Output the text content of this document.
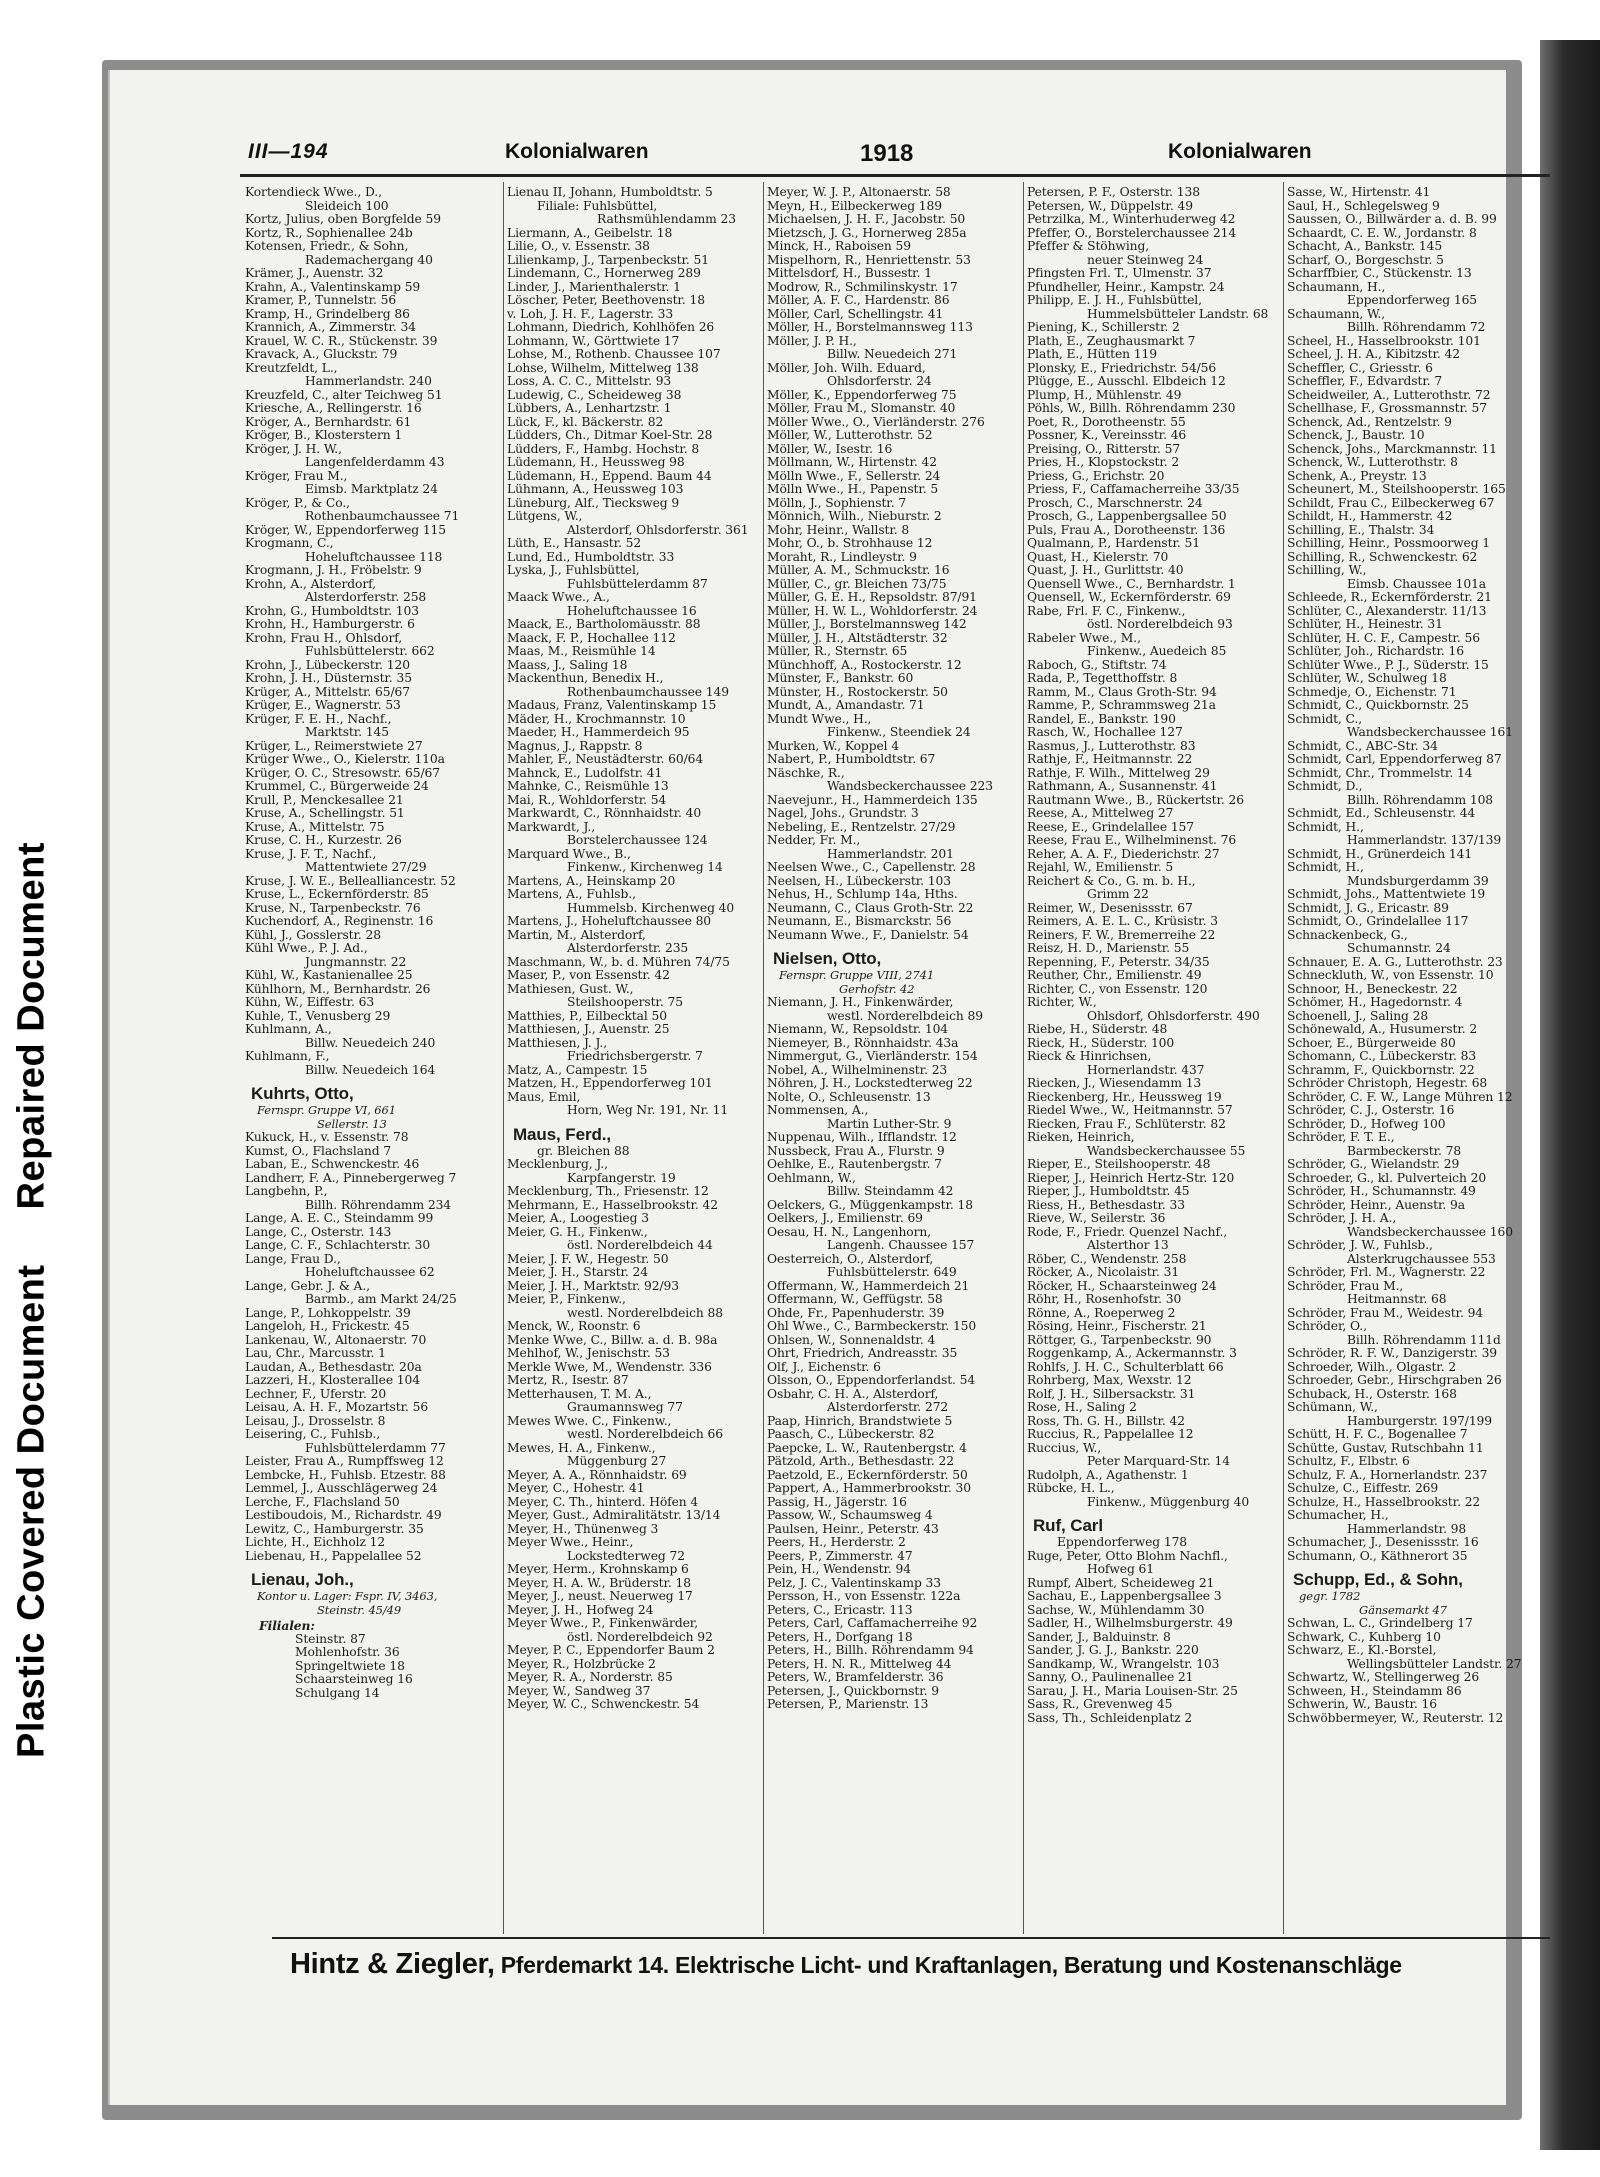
Plastic Covered Document Repaired Document
III—194	Kolonialwaren	1918	Kolonialwaren
Kortendieck Wwe., D.,
Sleideich 100
Kortz, Julius, oben Borgfelde 59
Kortz, R., Sophienallee 24b
Kotensen, Friedr., & Sohn,
Rademachergang 40
Krämer, J., Auenstr. 32
Krahn, A., Valentinskamp 59
Kramer, P., Tunnelstr. 56
Kramp, H., Grindelberg 86
Krannich, A., Zimmerstr. 34
Krauel, W. C. R., Stückenstr. 39
Kravack, A., Gluckstr. 79
Kreutzfeldt, L.,
Hammerlandstr. 240
Kreuzfeld, C., alter Teichweg 51
Kriesche, A., Rellingerstr. 16
Kröger, A., Bernhardstr. 61
Kröger, B., Klosterstern 1
Kröger, J. H. W.,
Langenfelderdamm 43
Kröger, Frau M.,
Eimsb. Marktplatz 24
Kröger, P., & Co.,
Rothenbaumchaussee 71
Kröger, W., Eppendorferweg 115
Krogmann, C.,
Hoheluftchaussee 118
Krogmann, J. H., Fröbelstr. 9
Krohn, A., Alsterdorf,
Alsterdorferstr. 258
Krohn, G., Humboldtstr. 103
Krohn, H., Hamburgerstr. 6
Krohn, Frau H., Ohlsdorf,
Fuhlsbüttelerstr. 662
Krohn, J., Lübeckerstr. 120
Krohn, J. H., Düsternstr. 35
Krüger, A., Mittelstr. 65/67
Krüger, E., Wagnerstr. 53
Krüger, F. E. H., Nachf.,
Marktstr. 145
Krüger, L., Reimerstwiete 27
Krüger Wwe., O., Kielerstr. 110a
Krüger, O. C., Stresowstr. 65/67
Krummel, C., Bürgerweide 24
Krull, P., Menckesallee 21
Kruse, A., Schellingstr. 51
Kruse, A., Mittelstr. 75
Kruse, C. H., Kurzestr. 26
Kruse, J. F. T., Nachf.,
Mattentwiete 27/29
Kruse, J. W. E., Bellealliancestr. 52
Kruse, L., Eckernförderstr. 85
Kruse, N., Tarpenbeckstr. 76
Kuchendorf, A., Reginenstr. 16
Kühl, J., Gosslerstr. 28
Kühl Wwe., P. J. Ad.,
Jungmannstr. 22
Kühl, W., Kastanienallee 25
Kühlhorn, M., Bernhardstr. 26
Kühn, W., Eiffestr. 63
Kuhle, T., Venusberg 29
Kuhlmann, A.,
Billw. Neuedeich 240
Kuhlmann, F.,
Billw. Neuedeich 164
Kuhrts, Otto,
Fernspr. Gruppe VI, 661
Sellerstr. 13
Kukuck, H., v. Essenstr. 78
Kumst, O., Flachsland 7
Laban, E., Schwenckestr. 46
Landherr, F. A., Pinnebergerweg 7
Langbehn, P.,
Billh. Röhrendamm 234
Lange, A. E. C., Steindamm 99
Lange, C., Osterstr. 143
Lange, C. F., Schlachterstr. 30
Lange, Frau D.,
Hoheluftchaussee 62
Lange, Gebr. J. & A.,
Barmb., am Markt 24/25
Lange, P., Lohkoppelstr. 39
Langeloh, H., Frickestr. 45
Lankenau, W., Altonaerstr. 70
Lau, Chr., Marcusstr. 1
Laudan, A., Bethesdastr. 20a
Lazzeri, H., Klosterallee 104
Lechner, F., Uferstr. 20
Leisau, A. H. F., Mozartstr. 56
Leisau, J., Drosselstr. 8
Leisering, C., Fuhlsb.,
Fuhlsbüttelerdamm 77
Leister, Frau A., Rumpffsweg 12
Lembcke, H., Fuhlsb. Etzestr. 88
Lemmel, J., Ausschlägerweg 24
Lerche, F., Flachsland 50
Lestiboudois, M., Richardstr. 49
Lewitz, C., Hamburgerstr. 35
Lichte, H., Eichholz 12
Liebenau, H., Pappelallee 52
Lienau, Joh.,
Kontor u. Lager: Fspr. IV, 3463,
Steinstr. 45/49
Filialen:
Steinstr. 87
Mohlenhofstr. 36
Springeltwiete 18
Schaarsteinweg 16
Schulgang 14
Lienau II, Johann, Humboldtstr. 5
Filiale: Fuhlsbüttel,
Rathsmühlendamm 23
Liermann, A., Geibelstr. 18
Lilie, O., v. Essenstr. 38
Lilienkamp, J., Tarpenbeckstr. 51
Lindemann, C., Hornerweg 289
Linder, J., Marienthalerstr. 1
Löscher, Peter, Beethovenstr. 18
v. Loh, J. H. F., Lagerstr. 33
Lohmann, Diedrich, Kohlhöfen 26
Lohmann, W., Görttwiete 17
Lohse, M., Rothenb. Chaussee 107
Lohse, Wilhelm, Mittelweg 138
Loss, A. C. C., Mittelstr. 93
Ludewig, C., Scheideweg 38
Lübbers, A., Lenhartzstr. 1
Lück, F., kl. Bäckerstr. 82
Lüdders, Ch., Ditmar Koel-Str. 28
Lüdders, F., Hambg. Hochstr. 8
Lüdemann, H., Heussweg 98
Lüdemann, H., Eppend. Baum 44
Lühmann, A., Heussweg 103
Lüneburg, Alf., Tiecksweg 9
Lütgens, W.,
Alsterdorf, Ohlsdorferstr. 361
Lüth, E., Hansastr. 52
Lund, Ed., Humboldtstr. 33
Lyska, J., Fuhlsbüttel,
Fuhlsbüttelerdamm 87
Maack Wwe., A.,
Hoheluftchaussee 16
Maack, E., Bartholomäusstr. 88
Maack, F. P., Hochallee 112
Maas, M., Reismühle 14
Maass, J., Saling 18
Mackenthun, Benedix H.,
Rothenbaumchaussee 149
Madaus, Franz, Valentinskamp 15
Mäder, H., Krochmannstr. 10
Maeder, H., Hammerdeich 95
Magnus, J., Rappstr. 8
Mahler, F., Neustädterstr. 60/64
Mahnck, E., Ludolfstr. 41
Mahnke, C., Reismühle 13
Mai, R., Wohldorferstr. 54
Markwardt, C., Rönnhaidstr. 40
Markwardt, J.,
Borstelerchaussee 124
Marquard Wwe., B.,
Finkenw., Kirchenweg 14
Martens, A., Heinskamp 20
Martens, A., Fuhlsb.,
Hummelsb. Kirchenweg 40
Martens, J., Hoheluftchaussee 80
Martin, M., Alsterdorf,
Alsterdorferstr. 235
Maschmann, W., b. d. Mühren 74/75
Maser, P., von Essenstr. 42
Mathiesen, Gust. W.,
Steilshooperstr. 75
Matthies, P., Eilbecktal 50
Matthiesen, J., Auenstr. 25
Matthiesen, J. J.,
Friedrichsbergerstr. 7
Matz, A., Campestr. 15
Matzen, H., Eppendorferweg 101
Maus, Emil,
Horn, Weg Nr. 191, Nr. 11
Maus, Ferd.,
gr. Bleichen 88
Mecklenburg, J.,
Karpfangerstr. 19
Mecklenburg, Th., Friesenstr. 12
Mehrmann, E., Hasselbrookstr. 42
Meier, A., Loogestieg 3
Meier, G. H., Finkenw.,
östl. Norderelbdeich 44
Meier, J. F. W., Hegestr. 50
Meier, J. H., Starstr. 24
Meier, J. H., Marktstr. 92/93
Meier, P., Finkenw.,
westl. Norderelbdeich 88
Menck, W., Roonstr. 6
Menke Wwe, C., Billw. a. d. B. 98a
Mehlhof, W., Jenischstr. 53
Merkle Wwe, M., Wendenstr. 336
Mertz, R., Isestr. 87
Metterhausen, T. M. A.,
Graumannsweg 77
Mewes Wwe. C., Finkenw.,
westl. Norderelbdeich 66
Mewes, H. A., Finkenw.,
Müggenburg 27
Meyer, A. A., Rönnhaidstr. 69
Meyer, C., Hohestr. 41
Meyer, C. Th., hinterd. Höfen 4
Meyer, Gust., Admiralitätstr. 13/14
Meyer, H., Thünenweg 3
Meyer Wwe., Heinr.,
Lockstedterweg 72
Meyer, Herm., Krohnskamp 6
Meyer, H. A. W., Brüderstr. 18
Meyer, J., neust. Neuerweg 17
Meyer, J. H., Hofweg 24
Meyer Wwe., P., Finkenwärder,
östl. Norderelbdeich 92
Meyer, P. C., Eppendorfer Baum 2
Meyer, R., Holzbrücke 2
Meyer, R. A., Norderstr. 85
Meyer, W., Sandweg 37
Meyer, W. C., Schwenckestr. 54
Meyer, W. J. P., Altonaerstr. 58
Meyn, H., Eilbeckerweg 189
Michaelsen, J. H. F., Jacobstr. 50
Mietzsch, J. G., Hornerweg 285a
Minck, H., Raboisen 59
Mispelhorn, R., Henriettenstr. 53
Mittelsdorf, H., Bussestr. 1
Modrow, R., Schmilinskystr. 17
Möller, A. F. C., Hardenstr. 86
Möller, Carl, Schellingstr. 41
Möller, H., Borstelmannsweg 113
Möller, J. P. H.,
Billw. Neuedeich 271
Möller, Joh. Wilh. Eduard,
Ohlsdorferstr. 24
Möller, K., Eppendorferweg 75
Möller, Frau M., Slomanstr. 40
Möller Wwe., O., Vierländerstr. 276
Möller, W., Lutterothstr. 52
Möller, W., Isestr. 16
Möllmann, W., Hirtenstr. 42
Mölln Wwe., F., Sellerstr. 24
Mölln Wwe., H., Papenstr. 5
Mölln, J., Sophienstr. 7
Mönnich, Wilh., Nieburstr. 2
Mohr, Heinr., Wallstr. 8
Mohr, O., b. Strohhause 12
Moraht, R., Lindleystr. 9
Müller, A. M., Schmuckstr. 16
Müller, C., gr. Bleichen 73/75
Müller, G. E. H., Repsoldstr. 87/91
Müller, H. W. L., Wohldorferstr. 24
Müller, J., Borstelmannsweg 142
Müller, J. H., Altstädterstr. 32
Müller, R., Sternstr. 65
Münchhoff, A., Rostockerstr. 12
Münster, F., Bankstr. 60
Münster, H., Rostockerstr. 50
Mundt, A., Amandastr. 71
Mundt Wwe., H.,
Finkenw., Steendiek 24
Murken, W., Koppel 4
Nabert, P., Humboldtstr. 67
Näschke, R.,
Wandsbeckerchaussee 223
Naevejunr., H., Hammerdeich 135
Nagel, Johs., Grundstr. 3
Nebeling, E., Rentzelstr. 27/29
Nedder, Fr. M.,
Hammerlandstr. 201
Neelsen Wwe., C., Capellenstr. 28
Neelsen, H., Lübeckerstr. 103
Nehus, H., Schlump 14a, Hths.
Neumann, C., Claus Groth-Str. 22
Neumann, E., Bismarckstr. 56
Neumann Wwe., F., Danielstr. 54
Nielsen, Otto,
Fernspr. Gruppe VIII, 2741
Gerhofstr. 42
Niemann, J. H., Finkenwärder,
westl. Norderelbdeich 89
Niemann, W., Repsoldstr. 104
Niemeyer, B., Rönnhaidstr. 43a
Nimmergut, G., Vierländerstr. 154
Nobel, A., Wilhelminenstr. 23
Nöhren, J. H., Lockstedterweg 22
Nolte, O., Schleusenstr. 13
Nommensen, A.,
Martin Luther-Str. 9
Nuppenau, Wilh., Ifflandstr. 12
Nussbeck, Frau A., Flurstr. 9
Oehlke, E., Rautenbergstr. 7
Oehlmann, W.,
Billw. Steindamm 42
Oelckers, G., Müggenkampstr. 18
Oelkers, J., Emilienstr. 69
Oesau, H. N., Langenhorn,
Langenh. Chaussee 157
Oesterreich, O., Alsterdorf,
Fuhlsbüttelerstr. 649
Offermann, W., Hammerdeich 21
Offermann, W., Geffügstr. 58
Ohde, Fr., Papenhuderstr. 39
Ohl Wwe., C., Barmbeckerstr. 150
Ohlsen, W., Sonnenaldstr. 4
Ohrt, Friedrich, Andreasstr. 35
Olf, J., Eichenstr. 6
Olsson, O., Eppendorferlandst. 54
Osbahr, C. H. A., Alsterdorf,
Alsterdorferstr. 272
Paap, Hinrich, Brandstwiete 5
Paasch, C., Lübeckerstr. 82
Paepcke, L. W., Rautenbergstr. 4
Pätzold, Arth., Bethesdastr. 22
Paetzold, E., Eckernförderstr. 50
Pappert, A., Hammerbrookstr. 30
Passig, H., Jägerstr. 16
Passow, W., Schaumsweg 4
Paulsen, Heinr., Peterstr. 43
Peers, H., Herderstr. 2
Peers, P., Zimmerstr. 47
Pein, H., Wendenstr. 94
Pelz, J. C., Valentinskamp 33
Persson, H., von Essenstr. 122a
Peters, C., Ericastr. 113
Peters, Carl, Caffamacherreihe 92
Peters, H., Dorfgang 18
Peters, H., Billh. Röhrendamm 94
Peters, H. N. R., Mittelweg 44
Peters, W., Bramfelderstr. 36
Petersen, J., Quickbornstr. 9
Petersen, P., Marienstr. 13
Petersen, P. F., Osterstr. 138
Petersen, W., Düppelstr. 49
Petrzilka, M., Winterhuderweg 42
Pfeffer, O., Borstelerchaussee 214
Pfeffer & Stöhwing,
neuer Steinweg 24
Pfingsten Frl. T., Ulmenstr. 37
Pfundheller, Heinr., Kampstr. 24
Philipp, E. J. H., Fuhlsbüttel,
Hummelsbütteler Landstr. 68
Piening, K., Schillerstr. 2
Plath, E., Zeughausmarkt 7
Plath, E., Hütten 119
Plonsky, E., Friedrichstr. 54/56
Plügge, E., Ausschl. Elbdeich 12
Plump, H., Mühlenstr. 49
Pöhls, W., Billh. Röhrendamm 230
Poet, R., Dorotheenstr. 55
Possner, K., Vereinsstr. 46
Preising, O., Ritterstr. 57
Pries, H., Klopstockstr. 2
Priess, G., Erichstr. 20
Priess, F., Caffamacherreihe 33/35
Prosch, C., Marschnerstr. 24
Prosch, G., Lappenbergsallee 50
Puls, Frau A., Dorotheenstr. 136
Qualmann, P., Hardenstr. 51
Quast, H., Kielerstr. 70
Quast, J. H., Gurlittstr. 40
Quensell Wwe., C., Bernhardstr. 1
Quensell, W., Eckernförderstr. 69
Rabe, Frl. F. C., Finkenw.,
östl. Norderelbdeich 93
Rabeler Wwe., M.,
Finkenw., Auedeich 85
Raboch, G., Stiftstr. 74
Rada, P., Tegetthoffstr. 8
Ramm, M., Claus Groth-Str. 94
Ramme, P., Schrammsweg 21a
Randel, E., Bankstr. 190
Rasch, W., Hochallee 127
Rasmus, J., Lutterothstr. 83
Rathje, F., Heitmannstr. 22
Rathje, F. Wilh., Mittelweg 29
Rathmann, A., Susannenstr. 41
Rautmann Wwe., B., Rückertstr. 26
Reese, A., Mittelweg 27
Reese, E., Grindelallee 157
Reese, Frau E., Wilhelminenst. 76
Reher, A. A. F., Diederichstr. 27
Rejahl, W., Emilienstr. 5
Reichert & Co., G. m. b. H.,
Grimm 22
Reimer, W., Desenissstr. 67
Reimers, A. E. L. C., Krüsistr. 3
Reiners, F. W., Bremerreihe 22
Reisz, H. D., Marienstr. 55
Repenning, F., Peterstr. 34/35
Reuther, Chr., Emilienstr. 49
Richter, C., von Essenstr. 120
Richter, W.,
Ohlsdorf, Ohlsdorferstr. 490
Riebe, H., Süderstr. 48
Rieck, H., Süderstr. 100
Rieck & Hinrichsen,
Hornerlandstr. 437
Riecken, J., Wiesendamm 13
Rieckenberg, Hr., Heussweg 19
Riedel Wwe., W., Heitmannstr. 57
Riecken, Frau F., Schlüterstr. 82
Rieken, Heinrich,
Wandsbeckerchaussee 55
Rieper, E., Steilshooperstr. 48
Rieper, J., Heinrich Hertz-Str. 120
Rieper, J., Humboldtstr. 45
Riess, H., Bethesdastr. 33
Rieve, W., Seilerstr. 36
Rode, F., Friedr. Quenzel Nachf.,
Alsterthor 13
Röber, C., Wendenstr. 258
Röcker, A., Nicolaistr. 31
Röcker, H., Schaarsteinweg 24
Röhr, H., Rosenhofstr. 30
Rönne, A., Roeperweg 2
Rösing, Heinr., Fischerstr. 21
Röttger, G., Tarpenbeckstr. 90
Roggenkamp, A., Ackermannstr. 3
Rohlfs, J. H. C., Schulterblatt 66
Rohrberg, Max, Wexstr. 12
Rolf, J. H., Silbersackstr. 31
Rose, H., Saling 2
Ross, Th. G. H., Billstr. 42
Ruccius, R., Pappelallee 12
Ruccius, W.,
Peter Marquard-Str. 14
Rudolph, A., Agathenstr. 1
Rübcke, H. L.,
Finkenw., Müggenburg 40
Ruf, Carl
Eppendorferweg 178
Ruge, Peter, Otto Blohm Nachfl.,
Hofweg 61
Rumpf, Albert, Scheideweg 21
Sachau, E., Lappenbergsallee 3
Sachse, W., Mühlendamm 30
Sadler, H., Wilhelmsburgerstr. 49
Sander, J., Balduinstr. 8
Sander, J. G. J., Bankstr. 220
Sandkamp, W., Wrangelstr. 103
Sanny, O., Paulinenallee 21
Sarau, J. H., Maria Louisen-Str. 25
Sass, R., Grevenweg 45
Sass, Th., Schleidenplatz 2
Sasse, W., Hirtenstr. 41
Saul, H., Schlegelsweg 9
Saussen, O., Billwärder a. d. B. 99
Schaardt, C. E. W., Jordanstr. 8
Schacht, A., Bankstr. 145
Scharf, O., Borgeschstr. 5
Scharffbier, C., Stückenstr. 13
Schaumann, H.,
Eppendorferweg 165
Schaumann, W.,
Billh. Röhrendamm 72
Scheel, H., Hasselbrookstr. 101
Scheel, J. H. A., Kibitzstr. 42
Scheffler, C., Griesstr. 6
Scheffler, F., Edvardstr. 7
Scheidweiler, A., Lutterothstr. 72
Schellhase, F., Grossmannstr. 57
Schenck, Ad., Rentzelstr. 9
Schenck, J., Baustr. 10
Schenck, Johs., Marckmannstr. 11
Schenck, W., Lutterothstr. 8
Schenk, A., Preystr. 13
Scheunert, M., Steilshooperstr. 165
Schildt, Frau C., Eilbeckerweg 67
Schildt, H., Hammerstr. 42
Schilling, E., Thalstr. 34
Schilling, Heinr., Possmoorweg 1
Schilling, R., Schwenckestr. 62
Schilling, W.,
Eimsb. Chaussee 101a
Schleede, R., Eckernförderstr. 21
Schlüter, C., Alexanderstr. 11/13
Schlüter, H., Heinestr. 31
Schlüter, H. C. F., Campestr. 56
Schlüter, Joh., Richardstr. 16
Schlüter Wwe., P. J., Süderstr. 15
Schlüter, W., Schulweg 18
Schmedje, O., Eichenstr. 71
Schmidt, C., Quickbornstr. 25
Schmidt, C.,
Wandsbeckerchaussee 161
Schmidt, C., ABC-Str. 34
Schmidt, Carl, Eppendorferweg 87
Schmidt, Chr., Trommelstr. 14
Schmidt, D.,
Billh. Röhrendamm 108
Schmidt, Ed., Schleusenstr. 44
Schmidt, H.,
Hammerlandstr. 137/139
Schmidt, H., Grünerdeich 141
Schmidt, H.,
Mundsburgerdamm 39
Schmidt, Johs., Mattentwiete 19
Schmidt, J. G., Ericastr. 89
Schmidt, O., Grindelallee 117
Schnackenbeck, G.,
Schumannstr. 24
Schnauer, E. A. G., Lutterothstr. 23
Schneckluth, W., von Essenstr. 10
Schnoor, H., Beneckestr. 22
Schömer, H., Hagedornstr. 4
Schoenell, J., Saling 28
Schönewald, A., Husumerstr. 2
Schoer, E., Bürgerweide 80
Schomann, C., Lübeckerstr. 83
Schramm, F., Quickbornstr. 22
Schröder Christoph, Hegestr. 68
Schröder, C. F. W., Lange Mühren 12
Schröder, C. J., Osterstr. 16
Schröder, D., Hofweg 100
Schröder, F. T. E.,
Barmbeckerstr. 78
Schröder, G., Wielandstr. 29
Schroeder, G., kl. Pulverteich 20
Schröder, H., Schumannstr. 49
Schröder, Heinr., Auenstr. 9a
Schröder, J. H. A.,
Wandsbeckerchaussee 160
Schröder, J. W., Fuhlsb.,
Alsterkrugchaussee 553
Schröder, Frl. M., Wagnerstr. 22
Schröder, Frau M.,
Heitmannstr. 68
Schröder, Frau M., Weidestr. 94
Schröder, O.,
Billh. Röhrendamm 111d
Schröder, R. F. W., Danzigerstr. 39
Schroeder, Wilh., Olgastr. 2
Schroeder, Gebr., Hirschgraben 26
Schuback, H., Osterstr. 168
Schümann, W.,
Hamburgerstr. 197/199
Schütt, H. F. C., Bogenallee 7
Schütte, Gustav, Rutschbahn 11
Schultz, F., Elbstr. 6
Schulz, F. A., Hornerlandstr. 237
Schulze, C., Eiffestr. 269
Schulze, H., Hasselbrookstr. 22
Schumacher, H.,
Hammerlandstr. 98
Schumacher, J., Desenissstr. 16
Schumann, O., Käthnerort 35
Schupp, Ed., & Sohn,
gegr. 1782
Gänsemarkt 47
Schwan, L. C., Grindelberg 17
Schwark, C., Kuhberg 10
Schwarz, E., Kl.-Borstel,
Wellingsbütteler Landstr. 27
Schwartz, W., Stellingerweg 26
Schween, H., Steindamm 86
Schwerin, W., Baustr. 16
Schwöbbermeyer, W., Reuterstr. 12
Hintz & Ziegler, Pferdemarkt 14. Elektrische Licht- und Kraftanlagen, Beratung und Kostenanschläge
